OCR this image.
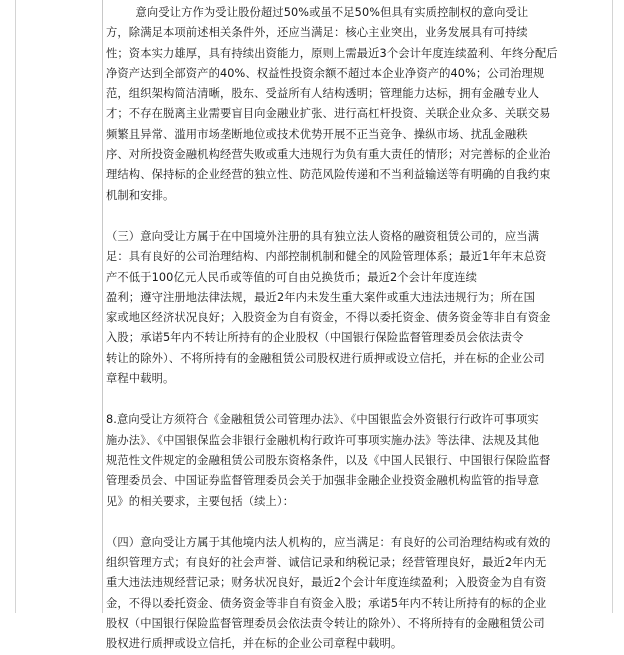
意向受让方作为受让股份超过50%或虽不足50%但具有实质控制权的意向受让
方，除满足本项前述相关条件外，还应当满足：核心主业突出，业务发展具有可持续
性；资本实力雄厚，具有持续出资能力，原则上需最近3个会计年度连续盈利、年终分配后
净资产达到全部资产的40%、权益性投资余额不超过本企业净资产的40%；公司治理规
范，组织架构简洁清晰，股东、受益所有人结构透明；管理能力达标，拥有金融专业人
才；不存在脱离主业需要盲目向金融业扩张、进行高杠杆投资、关联企业众多、关联交易
频繁且异常、滥用市场垄断地位或技术优势开展不正当竞争、操纵市场、扰乱金融秩
序、对所投资金融机构经营失败或重大违规行为负有重大责任的情形；对完善标的企业治
理结构、保持标的企业经营的独立性、防范风险传递和不当利益输送等有明确的自我约束
机制和安排。
（三）意向受让方属于在中国境外注册的具有独立法人资格的融资租赁公司的，应当满
足：具有良好的公司治理结构、内部控制机制和健全的风险管理体系；最近1年年末总资
产不低于100亿元人民币或等值的可自由兑换货币；最近2个会计年度连续
盈利；遵守注册地法律法规，最近2年内未发生重大案件或重大违法违规行为；所在国
家或地区经济状况良好；入股资金为自有资金，不得以委托资金、债务资金等非自有资金
入股；承诺5年内不转让所持有的企业股权（中国银行保险监督管理委员会依法责令
转让的除外）、不将所持有的金融租赁公司股权进行质押或设立信托，并在标的企业公司
章程中载明。
8.意向受让方须符合《金融租赁公司管理办法》、《中国银监会外资银行行政许可事项实
施办法》、《中国银保监会非银行金融机构行政许可事项实施办法》等法律、法规及其他
规范性文件规定的金融租赁公司股东资格条件，以及《中国人民银行、中国银行保险监督
管理委员会、中国证券监督管理委员会关于加强非金融企业投资金融机构监管的指导意
见》的相关要求，主要包括（续上）：
（四）意向受让方属于其他境内法人机构的，应当满足：有良好的公司治理结构或有效的
组织管理方式；有良好的社会声誉、诚信记录和纳税记录；经营管理良好，最近2年内无
重大违法违规经营记录；财务状况良好，最近2个会计年度连续盈利；入股资金为自有资
金，不得以委托资金、债务资金等非自有资金入股；承诺5年内不转让所持有的标的企业
股权（中国银行保险监督管理委员会依法责令转让的除外）、不将所持有的金融租赁公司
股权进行质押或设立信托，并在标的企业公司章程中载明。
